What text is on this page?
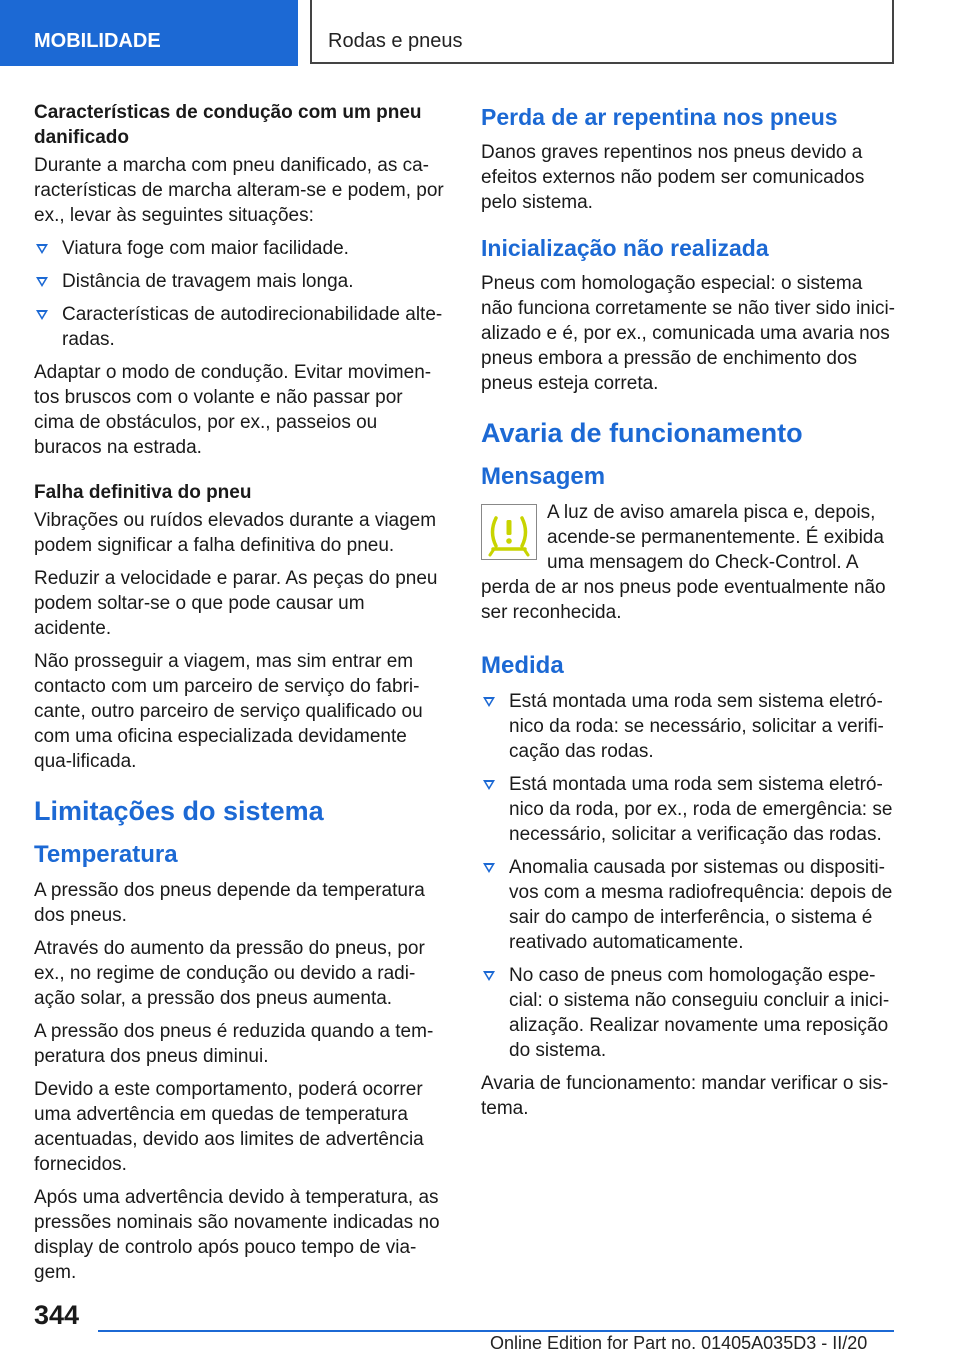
MOBILIDADE	Rodas e pneus
Características de condução com um pneu danificado

Durante a marcha com pneu danificado, as ca-racterísticas de marcha alteram-se e podem, por ex., levar às seguintes situações:

Viatura foge com maior facilidade.
Distância de travagem mais longa.
Características de autodirecionabilidade alte-radas.

Adaptar o modo de condução. Evitar movimen-tos bruscos com o volante e não passar por cima de obstáculos, por ex., passeios ou buracos na estrada.

Falha definitiva do pneu

Vibrações ou ruídos elevados durante a viagem podem significar a falha definitiva do pneu.

Reduzir a velocidade e parar. As peças do pneu podem soltar-se o que pode causar um acidente.

Não prosseguir a viagem, mas sim entrar em contacto com um parceiro de serviço do fabri-cante, outro parceiro de serviço qualificado ou com uma oficina especializada devidamente qua-lificada.

Limitações do sistema
Temperatura

A pressão dos pneus depende da temperatura dos pneus.

Através do aumento da pressão do pneus, por ex., no regime de condução ou devido a radi-ação solar, a pressão dos pneus aumenta.

A pressão dos pneus é reduzida quando a tem-peratura dos pneus diminui.

Devido a este comportamento, poderá ocorrer uma advertência em quedas de temperatura acentuadas, devido aos limites de advertência fornecidos.

Após uma advertência devido à temperatura, as pressões nominais são novamente indicadas no display de controlo após pouco tempo de via-gem.

Perda de ar repentina nos pneus

Danos graves repentinos nos pneus devido a efeitos externos não podem ser comunicados pelo sistema.

Inicialização não realizada

Pneus com homologação especial: o sistema não funciona corretamente se não tiver sido inici-alizado e é, por ex., comunicada uma avaria nos pneus embora a pressão de enchimento dos pneus esteja correta.

Avaria de funcionamento
Mensagem

A luz de aviso amarela pisca e, depois, acende-se permanentemente. É exibida uma mensagem do Check-Control. A perda de ar nos pneus pode eventualmente não ser reconhecida.

Medida
Está montada uma roda sem sistema eletró-nico da roda: se necessário, solicitar a verifi-cação das rodas.
Está montada uma roda sem sistema eletró-nico da roda, por ex., roda de emergência: se necessário, solicitar a verificação das rodas.
Anomalia causada por sistemas ou dispositi-vos com a mesma radiofrequência: depois de sair do campo de interferência, o sistema é reativado automaticamente.
No caso de pneus com homologação espe-cial: o sistema não conseguiu concluir a inici-alização. Realizar novamente uma reposição do sistema.

Avaria de funcionamento: mandar verificar o sis-tema.

344
Online Edition for Part no. 01405A035D3 - II/20
